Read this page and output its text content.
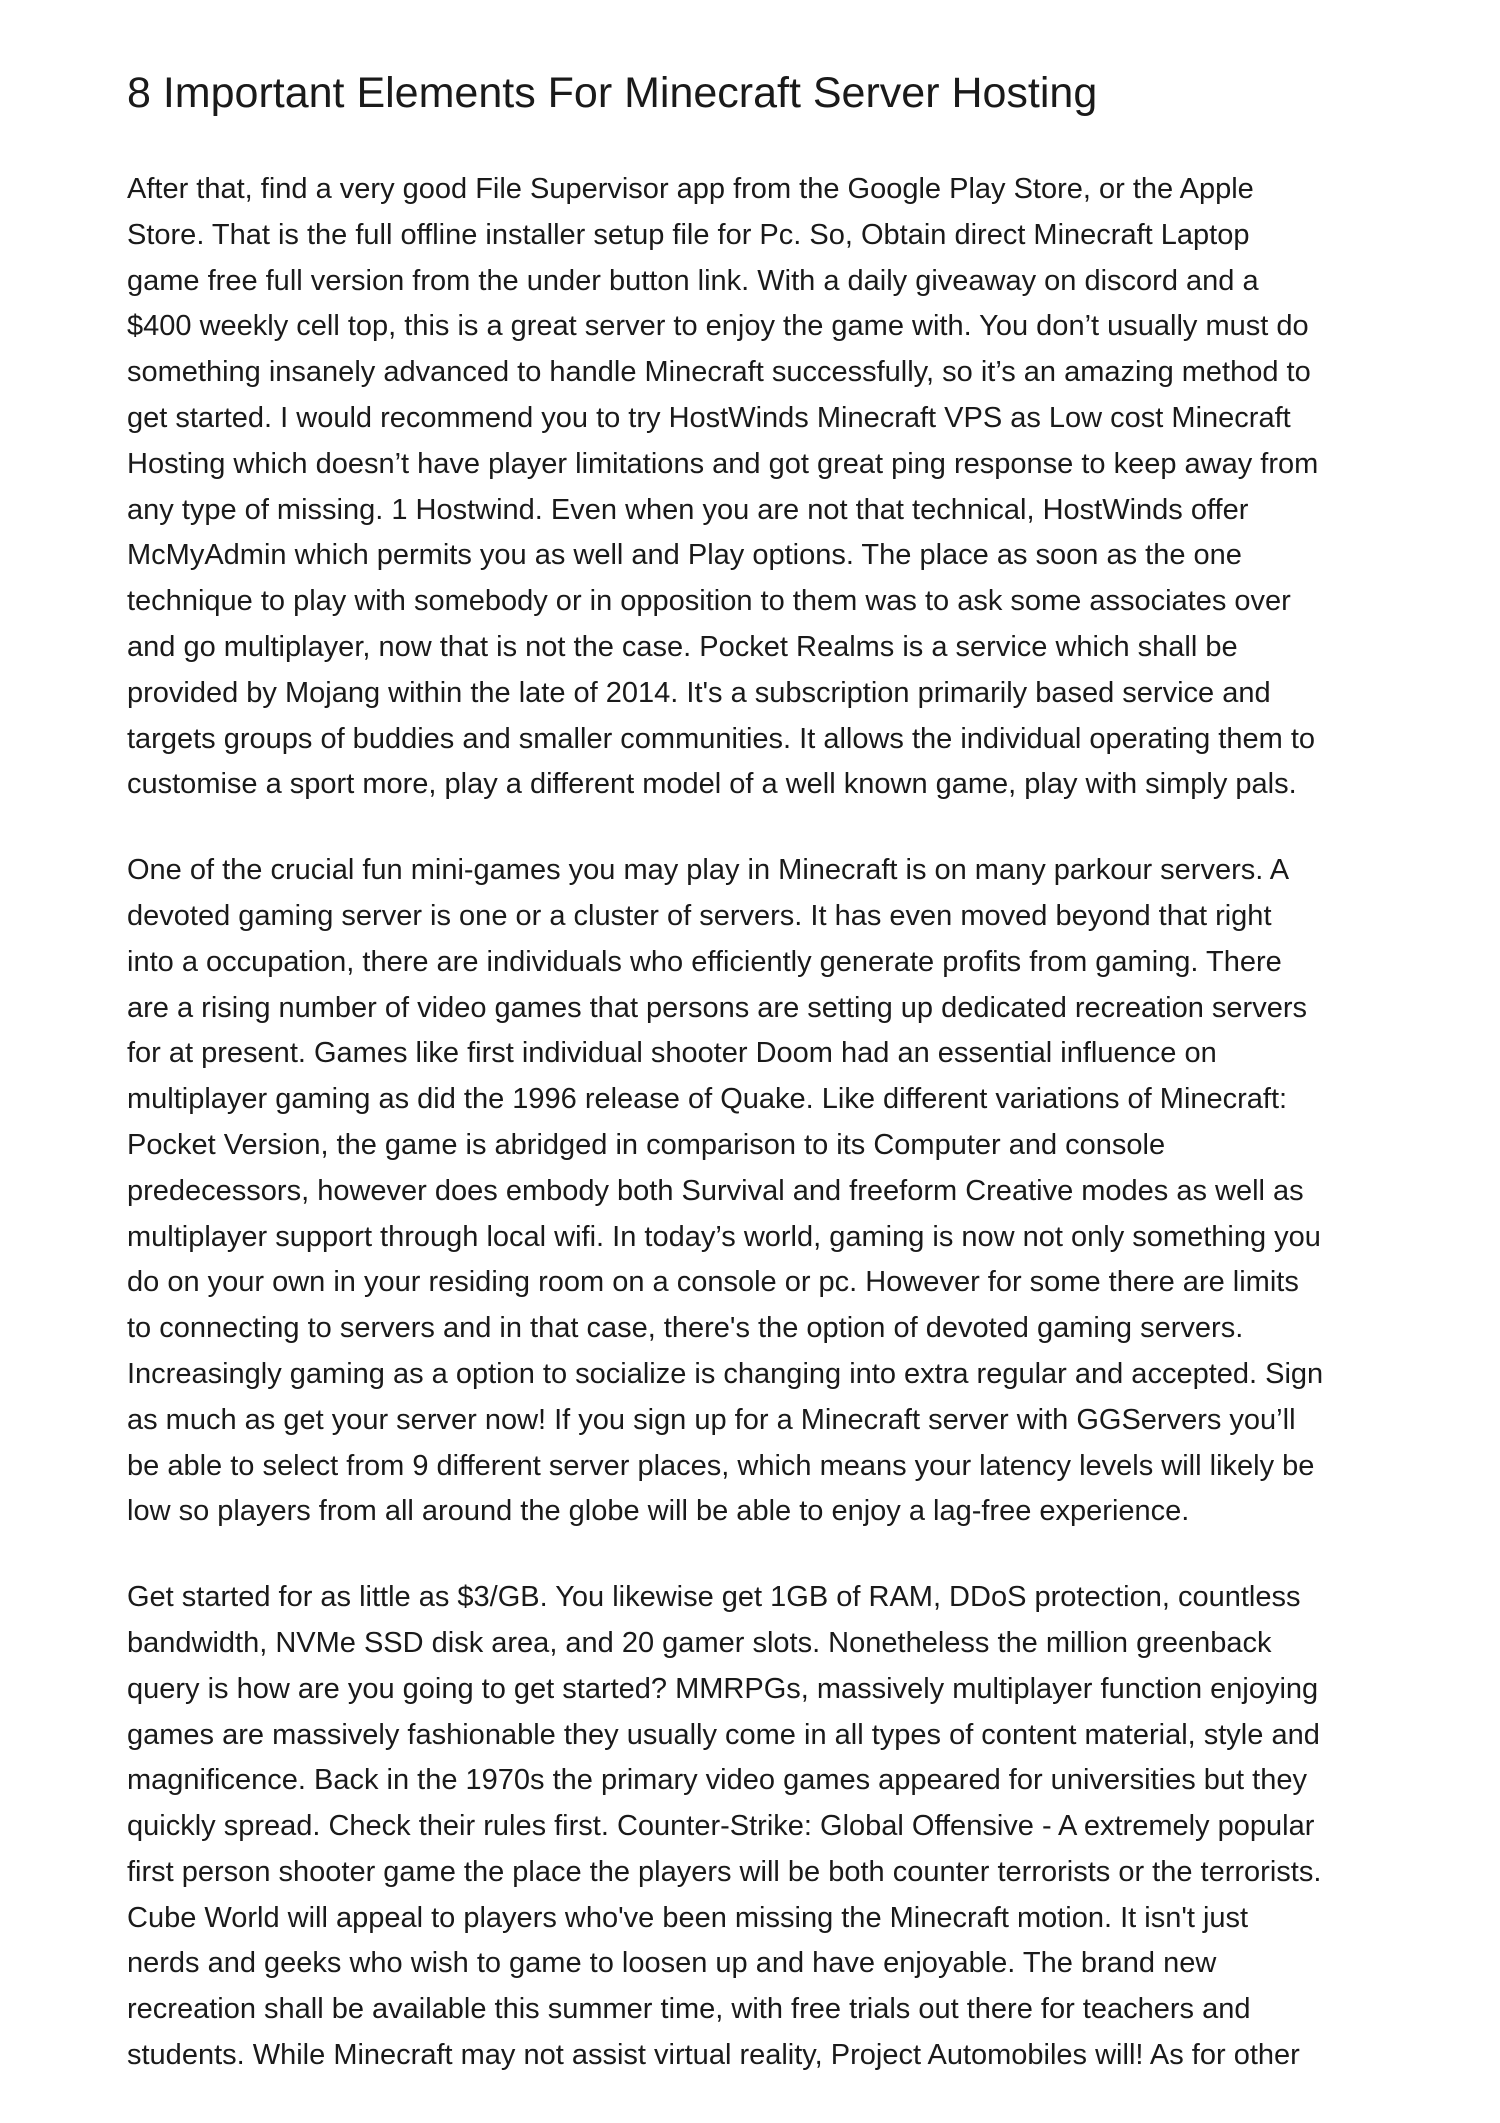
8 Important Elements For Minecraft Server Hosting
After that, find a very good File Supervisor app from the Google Play Store, or the Apple
Store. That is the full offline installer setup file for Pc. So, Obtain direct Minecraft Laptop
game free full version from the under button link. With a daily giveaway on discord and a
$400 weekly cell top, this is a great server to enjoy the game with. You don’t usually must do
something insanely advanced to handle Minecraft successfully, so it’s an amazing method to
get started. I would recommend you to try HostWinds Minecraft VPS as Low cost Minecraft
Hosting which doesn’t have player limitations and got great ping response to keep away from
any type of missing. 1 Hostwind. Even when you are not that technical, HostWinds offer
McMyAdmin which permits you as well and Play options. The place as soon as the one
technique to play with somebody or in opposition to them was to ask some associates over
and go multiplayer, now that is not the case. Pocket Realms is a service which shall be
provided by Mojang within the late of 2014. It's a subscription primarily based service and
targets groups of buddies and smaller communities. It allows the individual operating them to
customise a sport more, play a different model of a well known game, play with simply pals.
One of the crucial fun mini-games you may play in Minecraft is on many parkour servers. A
devoted gaming server is one or a cluster of servers. It has even moved beyond that right
into a occupation, there are individuals who efficiently generate profits from gaming. There
are a rising number of video games that persons are setting up dedicated recreation servers
for at present. Games like first individual shooter Doom had an essential influence on
multiplayer gaming as did the 1996 release of Quake. Like different variations of Minecraft:
Pocket Version, the game is abridged in comparison to its Computer and console
predecessors, however does embody both Survival and freeform Creative modes as well as
multiplayer support through local wifi. In today’s world, gaming is now not only something you
do on your own in your residing room on a console or pc. However for some there are limits
to connecting to servers and in that case, there's the option of devoted gaming servers.
Increasingly gaming as a option to socialize is changing into extra regular and accepted. Sign
as much as get your server now! If you sign up for a Minecraft server with GGServers you’ll
be able to select from 9 different server places, which means your latency levels will likely be
low so players from all around the globe will be able to enjoy a lag-free experience.
Get started for as little as $3/GB. You likewise get 1GB of RAM, DDoS protection, countless
bandwidth, NVMe SSD disk area, and 20 gamer slots. Nonetheless the million greenback
query is how are you going to get started? MMRPGs, massively multiplayer function enjoying
games are massively fashionable they usually come in all types of content material, style and
magnificence. Back in the 1970s the primary video games appeared for universities but they
quickly spread. Check their rules first. Counter-Strike: Global Offensive - A extremely popular
first person shooter game the place the players will be both counter terrorists or the terrorists.
Cube World will appeal to players who've been missing the Minecraft motion. It isn't just
nerds and geeks who wish to game to loosen up and have enjoyable. The brand new
recreation shall be available this summer time, with free trials out there for teachers and
students. While Minecraft may not assist virtual reality, Project Automobiles will! As for other
